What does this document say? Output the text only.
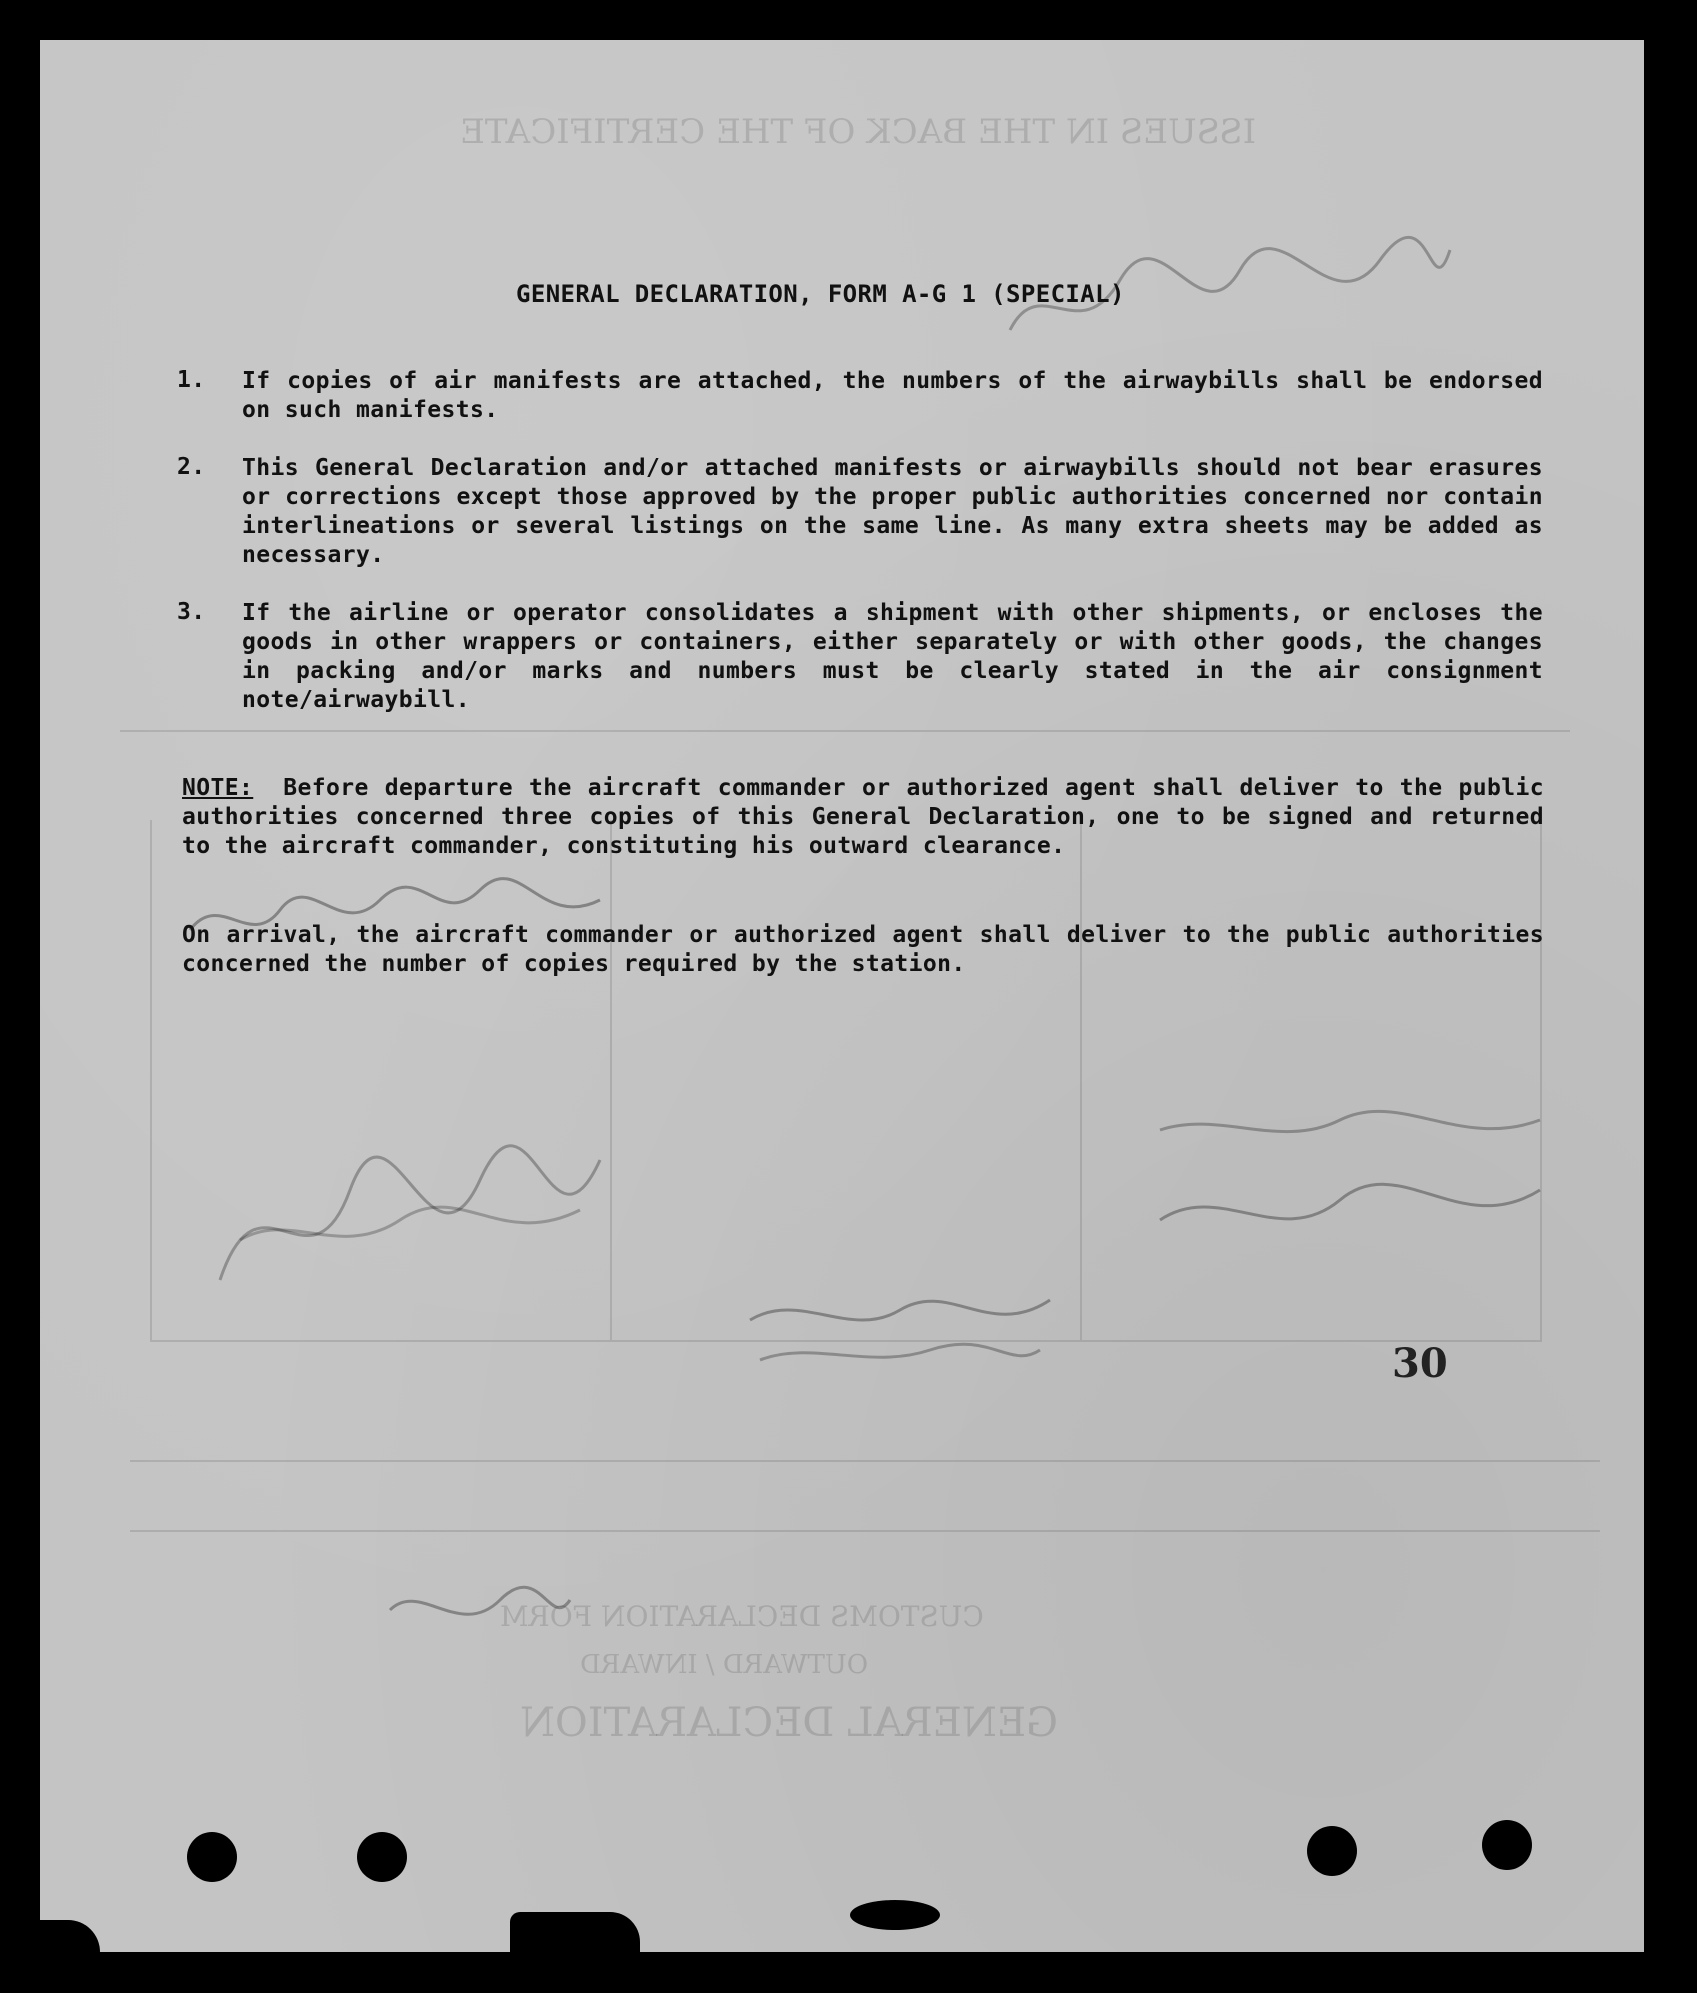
ISSUES IN THE BACK OF THE CERTIFICATE
GENERAL DECLARATION
OUTWARD / INWARD
CUSTOMS DECLARATION FORM
GENERAL DECLARATION, FORM A-G 1 (SPECIAL)
1.	If copies of air manifests are attached, the numbers of the airwaybills shall be endorsed on such manifests.
2.	This General Declaration and/or attached manifests or airwaybills should not bear erasures or corrections except those approved by the proper public authorities concerned nor contain interlineations or several listings on the same line. As many extra sheets may be added as necessary.
3.	If the airline or operator consolidates a shipment with other shipments, or encloses the goods in other wrappers or containers, either separately or with other goods, the changes in packing and/or marks and numbers must be clearly stated in the air consignment note/airwaybill.
NOTE: Before departure the aircraft commander or authorized agent shall deliver to the public authorities concerned three copies of this General Declaration, one to be signed and returned to the aircraft commander, constituting his outward clearance.
On arrival, the aircraft commander or authorized agent shall deliver to the public authorities concerned the number of copies required by the station.
30
